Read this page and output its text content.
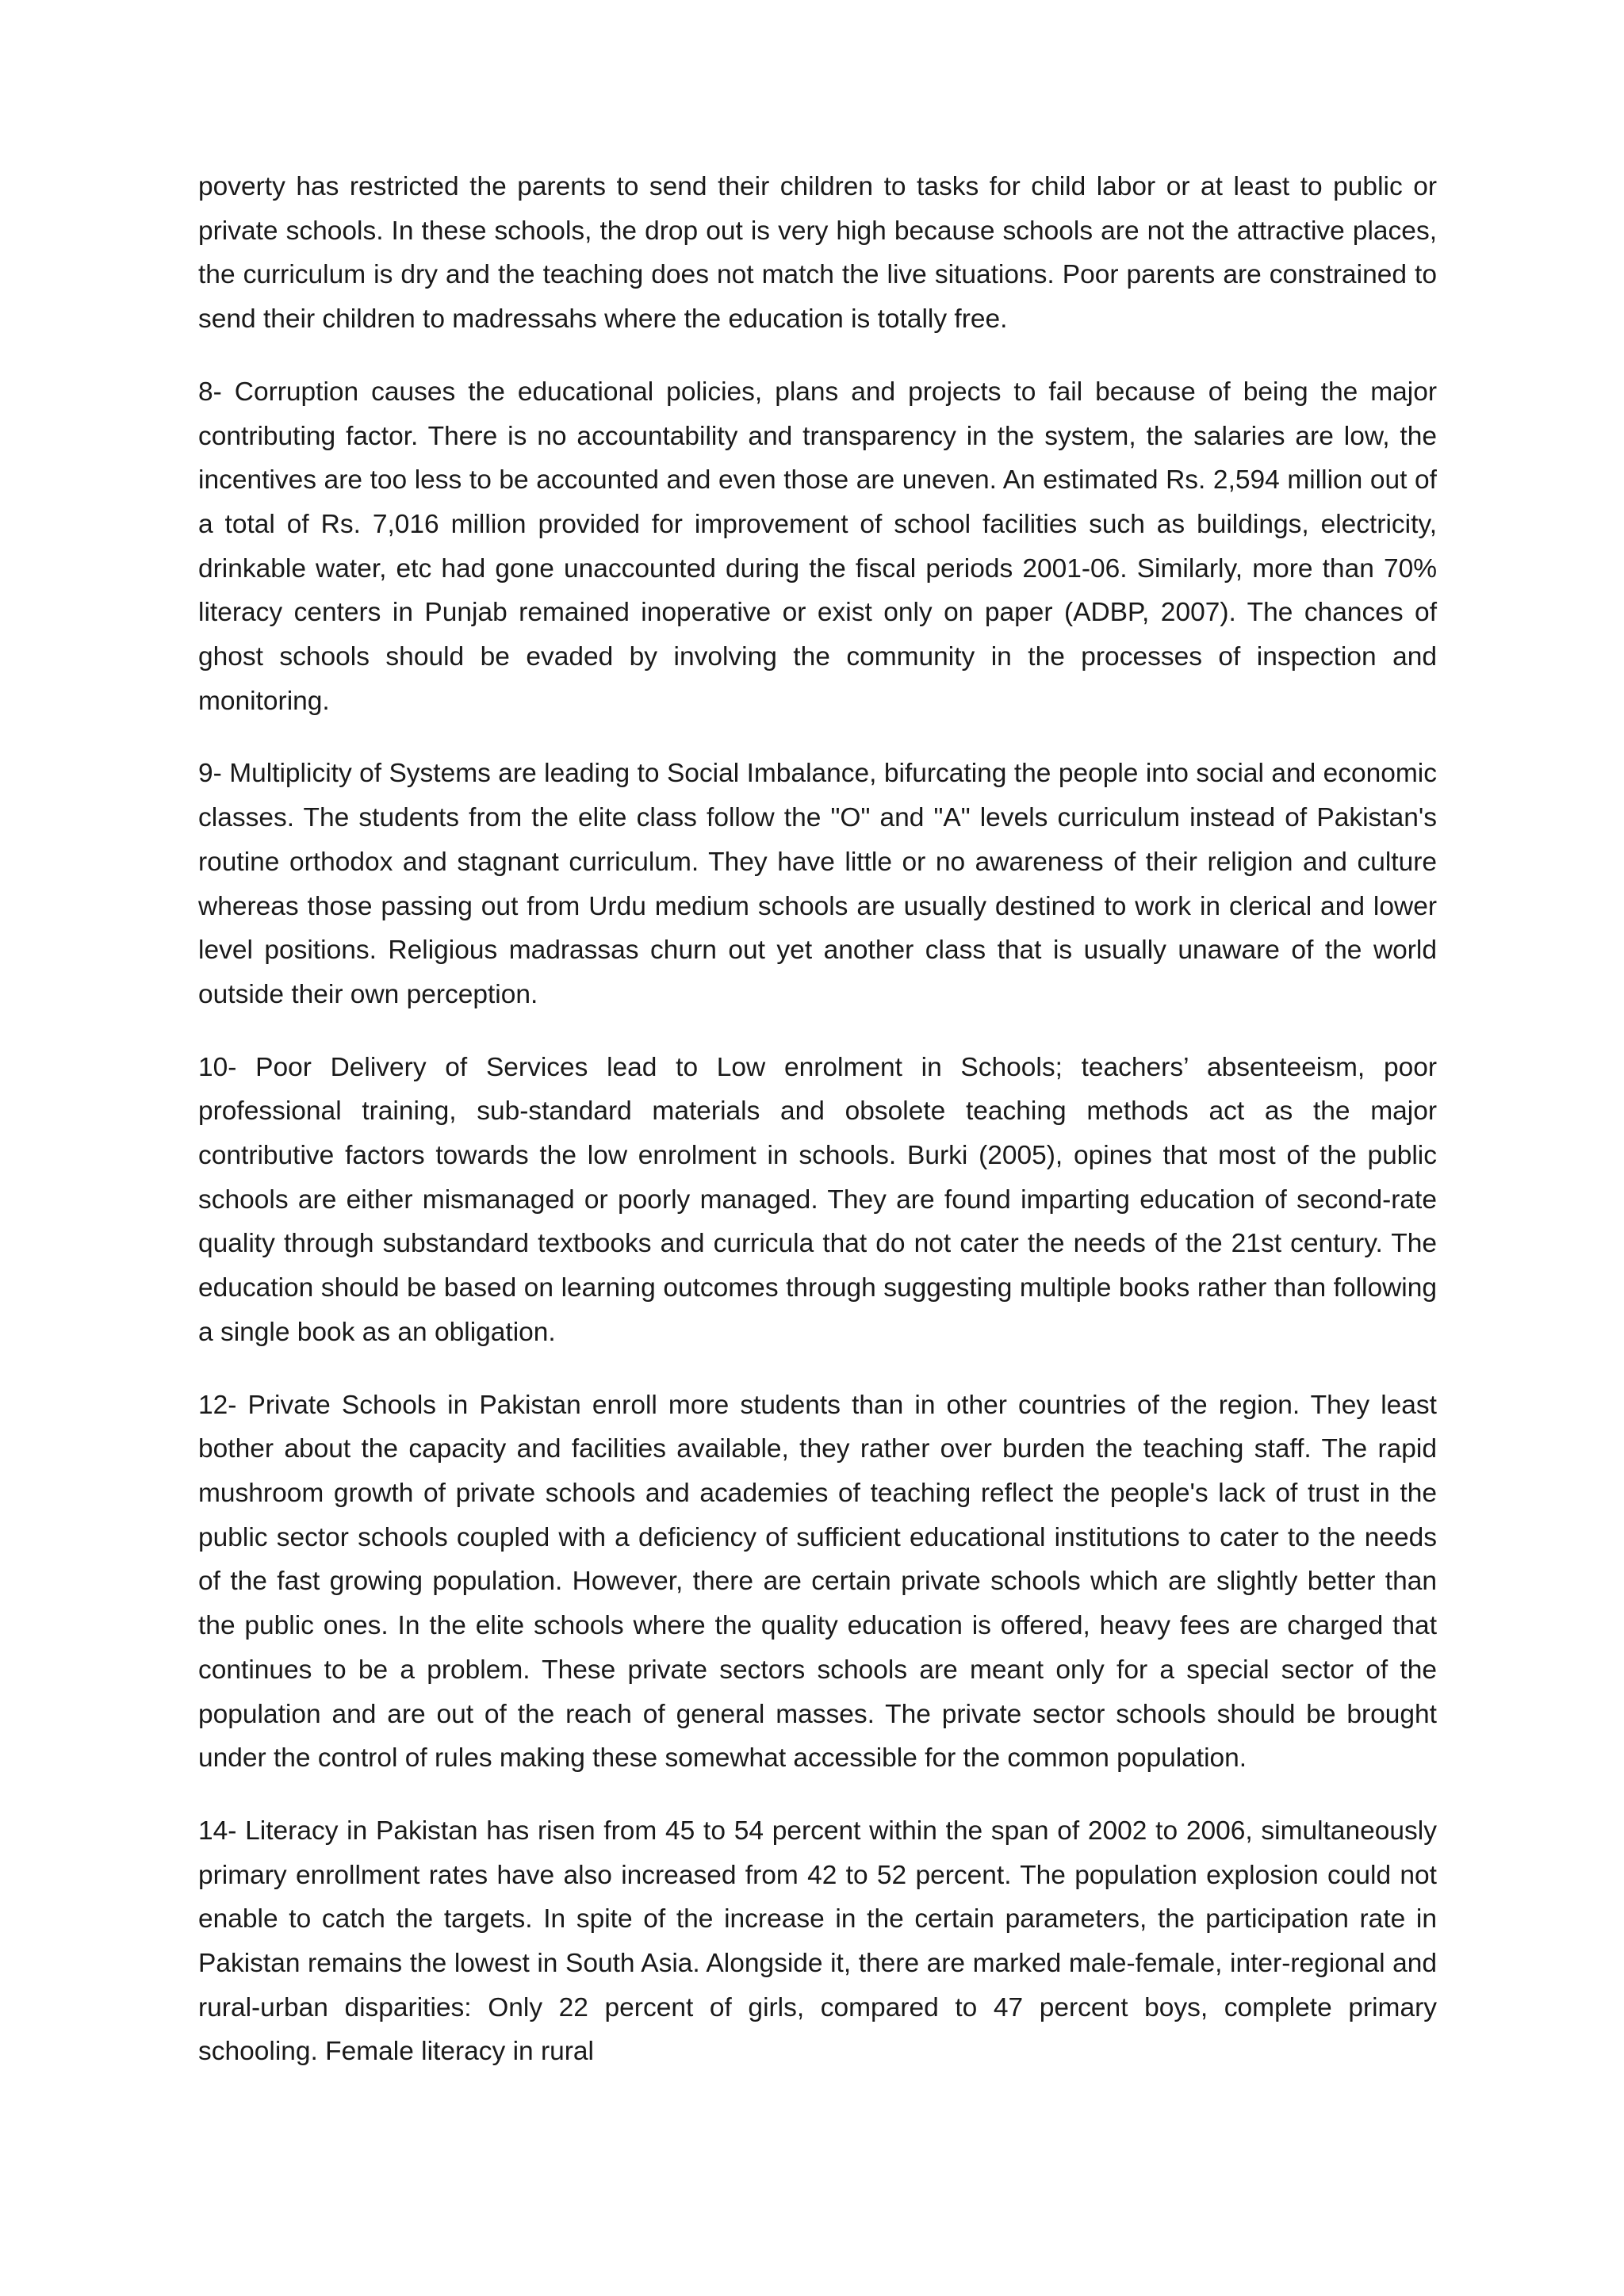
poverty has restricted the parents to send their children to tasks for child labor or at least to public or private schools. In these schools, the drop out is very high because schools are not the attractive places, the curriculum is dry and the teaching does not match the live situations. Poor parents are constrained to send their children to madressahs where the education is totally free.

8- Corruption causes the educational policies, plans and projects to fail because of being the major contributing factor. There is no accountability and transparency in the system, the salaries are low, the incentives are too less to be accounted and even those are uneven. An estimated Rs. 2,594 million out of a total of Rs. 7,016 million provided for improvement of school facilities such as buildings, electricity, drinkable water, etc had gone unaccounted during the fiscal periods 2001-06. Similarly, more than 70% literacy centers in Punjab remained inoperative or exist only on paper (ADBP, 2007). The chances of ghost schools should be evaded by involving the community in the processes of inspection and monitoring.

9- Multiplicity of Systems are leading to Social Imbalance, bifurcating the people into social and economic classes. The students from the elite class follow the "O" and "A" levels curriculum instead of Pakistan's routine orthodox and stagnant curriculum. They have little or no awareness of their religion and culture whereas those passing out from Urdu medium schools are usually destined to work in clerical and lower level positions. Religious madrassas churn out yet another class that is usually unaware of the world outside their own perception.

10- Poor Delivery of Services lead to Low enrolment in Schools; teachers’ absenteeism, poor professional training, sub-standard materials and obsolete teaching methods act as the major contributive factors towards the low enrolment in schools. Burki (2005), opines that most of the public schools are either mismanaged or poorly managed. They are found imparting education of second-rate quality through substandard textbooks and curricula that do not cater the needs of the 21st century. The education should be based on learning outcomes through suggesting multiple books rather than following a single book as an obligation.

12- Private Schools in Pakistan enroll more students than in other countries of the region. They least bother about the capacity and facilities available, they rather over burden the teaching staff. The rapid mushroom growth of private schools and academies of teaching reflect the people's lack of trust in the public sector schools coupled with a deficiency of sufficient educational institutions to cater to the needs of the fast growing population. However, there are certain private schools which are slightly better than the public ones. In the elite schools where the quality education is offered, heavy fees are charged that continues to be a problem. These private sectors schools are meant only for a special sector of the population and are out of the reach of general masses. The private sector schools should be brought under the control of rules making these somewhat accessible for the common population.

14- Literacy in Pakistan has risen from 45 to 54 percent within the span of 2002 to 2006, simultaneously primary enrollment rates have also increased from 42 to 52 percent. The population explosion could not enable to catch the targets. In spite of the increase in the certain parameters, the participation rate in Pakistan remains the lowest in South Asia. Alongside it, there are marked male-female, inter-regional and rural-urban disparities: Only 22 percent of girls, compared to 47 percent boys, complete primary schooling. Female literacy in rural
